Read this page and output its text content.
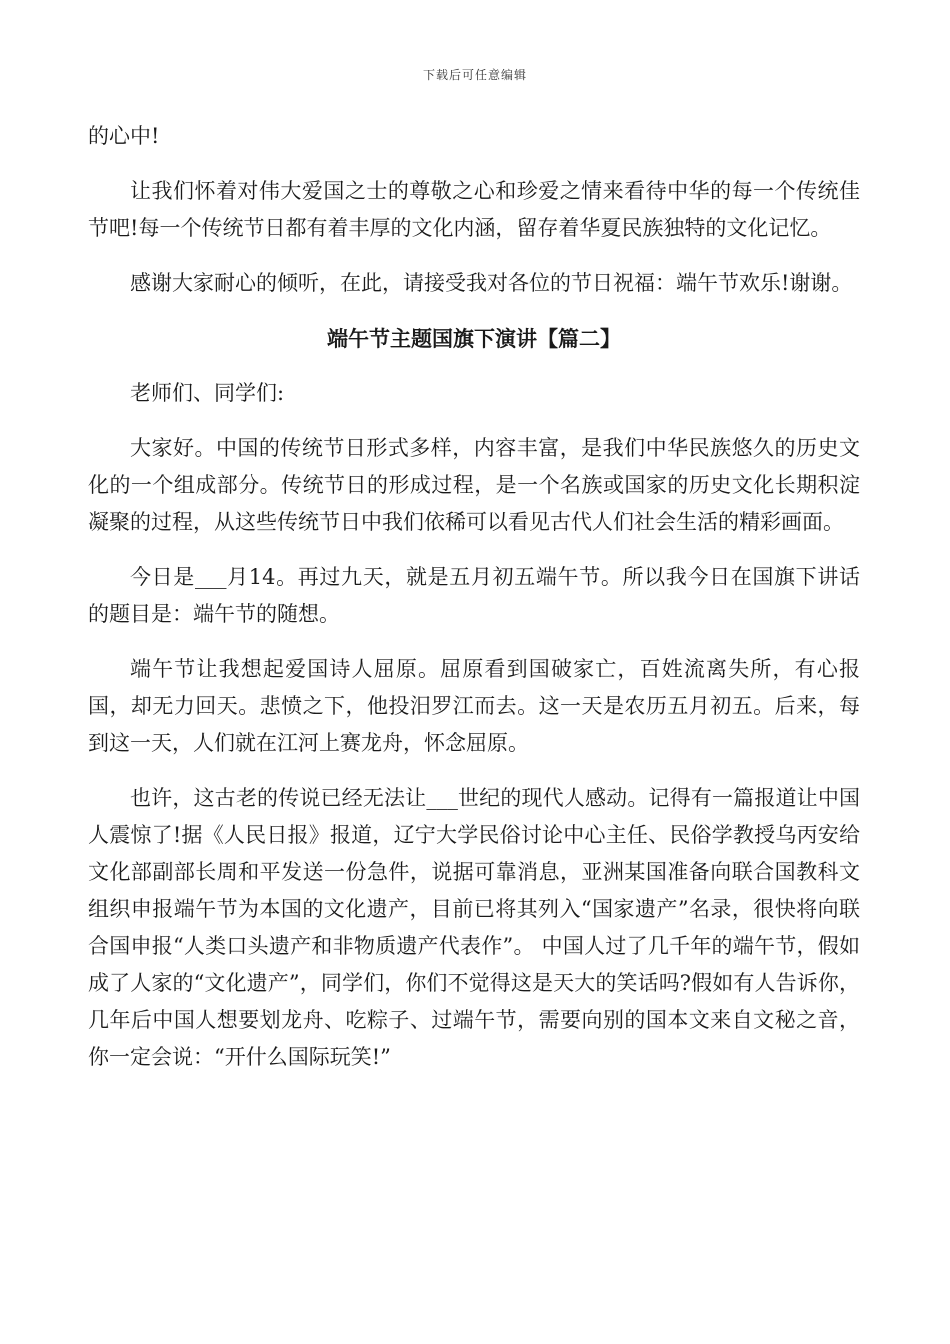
下载后可任意编辑

的心中!

让我们怀着对伟大爱国之士的尊敬之心和珍爱之情来看待中华的每一个传统佳节吧!每一个传统节日都有着丰厚的文化内涵，留存着华夏民族独特的文化记忆。

感谢大家耐心的倾听，在此，请接受我对各位的节日祝福：端午节欢乐!谢谢。

端午节主题国旗下演讲【篇二】

老师们、同学们:

大家好。中国的传统节日形式多样，内容丰富，是我们中华民族悠久的历史文化的一个组成部分。传统节日的形成过程，是一个名族或国家的历史文化长期积淀凝聚的过程，从这些传统节日中我们依稀可以看见古代人们社会生活的精彩画面。

今日是___月14。再过九天，就是五月初五端午节。所以我今日在国旗下讲话的题目是：端午节的随想。

端午节让我想起爱国诗人屈原。屈原看到国破家亡，百姓流离失所，有心报国，却无力回天。悲愤之下，他投汨罗江而去。这一天是农历五月初五。后来，每到这一天，人们就在江河上赛龙舟，怀念屈原。

也许，这古老的传说已经无法让___世纪的现代人感动。记得有一篇报道让中国人震惊了!据《人民日报》报道，辽宁大学民俗讨论中心主任、民俗学教授乌丙安给文化部副部长周和平发送一份急件，说据可靠消息，亚洲某国准备向联合国教科文组织申报端午节为本国的文化遗产，目前已将其列入“国家遗产”名录，很快将向联合国申报“人类口头遗产和非物质遗产代表作”。 中国人过了几千年的端午节，假如成了人家的“文化遗产”，同学们，你们不觉得这是天大的笑话吗?假如有人告诉你，几年后中国人想要划龙舟、吃粽子、过端午节，需要向别的国本文来自文秘之音，你一定会说：“开什么国际玩笑!”
